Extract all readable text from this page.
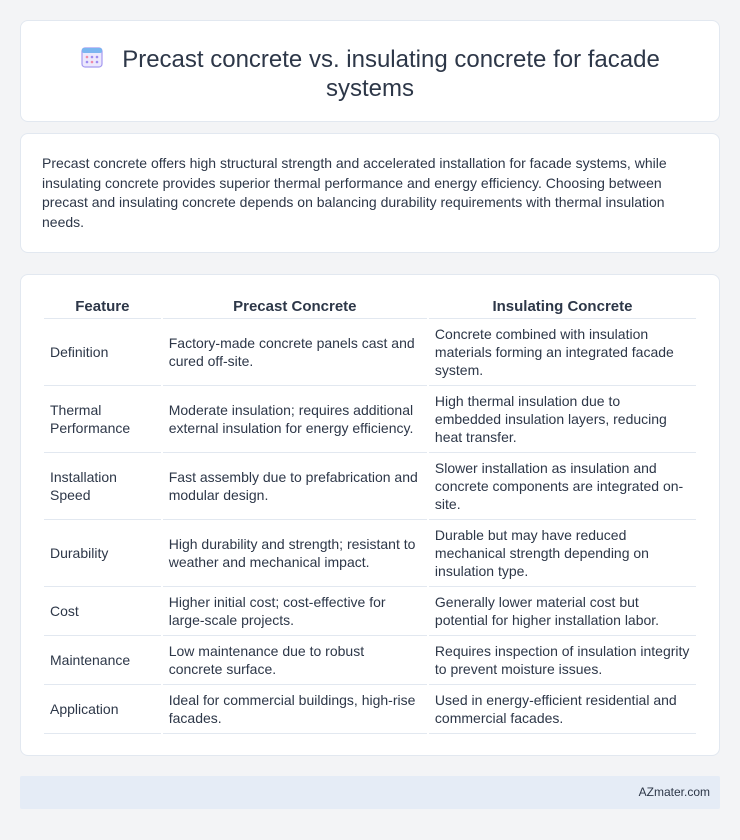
Precast concrete vs. insulating concrete for facade systems

Precast concrete offers high structural strength and accelerated installation for facade systems, while insulating concrete provides superior thermal performance and energy efficiency. Choosing between precast and insulating concrete depends on balancing durability requirements with thermal insulation needs.

Feature	Precast Concrete	Insulating Concrete
Definition	Factory-made concrete panels cast and cured off-site.	Concrete combined with insulation materials forming an integrated facade system.
Thermal Performance	Moderate insulation; requires additional external insulation for energy efficiency.	High thermal insulation due to embedded insulation layers, reducing heat transfer.
Installation Speed	Fast assembly due to prefabrication and modular design.	Slower installation as insulation and concrete components are integrated on-site.
Durability	High durability and strength; resistant to weather and mechanical impact.	Durable but may have reduced mechanical strength depending on insulation type.
Cost	Higher initial cost; cost-effective for large-scale projects.	Generally lower material cost but potential for higher installation labor.
Maintenance	Low maintenance due to robust concrete surface.	Requires inspection of insulation integrity to prevent moisture issues.
Application	Ideal for commercial buildings, high-rise facades.	Used in energy-efficient residential and commercial facades.
AZmater.com
